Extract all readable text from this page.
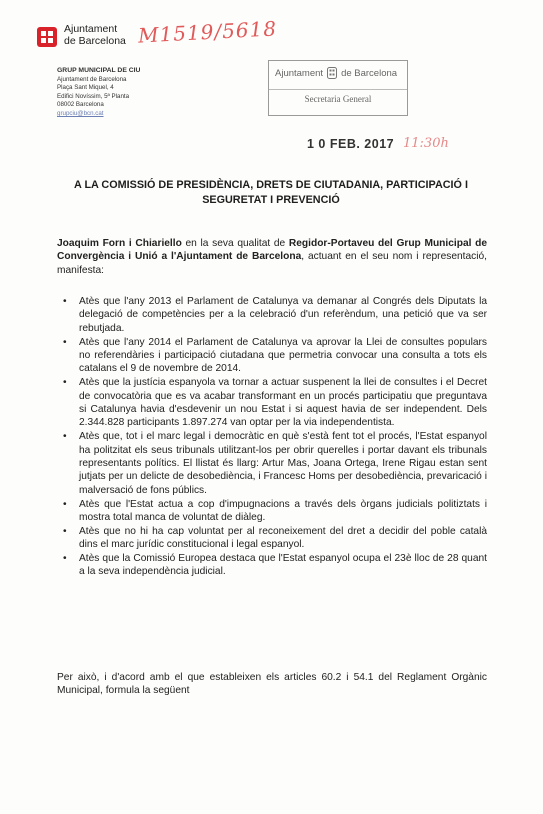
Ajuntament
de Barcelona M1519/5618
GRUP MUNICIPAL DE CIU
Ajuntament de Barcelona
Plaça Sant Miquel, 4
Edifici Novíssim, 5ª Planta
08002 Barcelona
grupciu@bcn.cat
Ajuntament de Barcelona
Secretaria General
1 0 FEB. 2017 11:30h
A LA COMISSIÓ DE PRESIDÈNCIA, DRETS DE CIUTADANIA, PARTICIPACIÓ I SEGURETAT I PREVENCIÓ
Joaquim Forn i Chiariello en la seva qualitat de Regidor-Portaveu del Grup Municipal de Convergència i Unió a l'Ajuntament de Barcelona, actuant en el seu nom i representació, manifesta:
• Atès que l'any 2013 el Parlament de Catalunya va demanar al Congrés dels Diputats la delegació de competències per a la celebració d'un referèndum, una petició que va ser rebutjada.
• Atès que l'any 2014 el Parlament de Catalunya va aprovar la Llei de consultes populars no referendàries i participació ciutadana que permetria convocar una consulta a tots els catalans el 9 de novembre de 2014.
• Atès que la justícia espanyola va tornar a actuar suspenent la llei de consultes i el Decret de convocatòria que es va acabar transformant en un procés participatiu que preguntava si Catalunya havia d'esdevenir un nou Estat i si aquest havia de ser independent. Dels 2.344.828 participants 1.897.274 van optar per la via independentista.
• Atès que, tot i el marc legal i democràtic en què s'està fent tot el procés, l'Estat espanyol ha politzitat els seus tribunals utilitzant-los per obrir querelles i portar davant els tribunals representants polítics. El llistat és llarg: Artur Mas, Joana Ortega, Irene Rigau estan sent jutjats per un delicte de desobediència, i Francesc Homs per desobediència, prevaricació i malversació de fons públics.
• Atès que l'Estat actua a cop d'impugnacions a través dels òrgans judicials politiztats i mostra total manca de voluntat de diàleg.
• Atès que no hi ha cap voluntat per al reconeixement del dret a decidir del poble català dins el marc jurídic constitucional i legal espanyol.
• Atès que la Comissió Europea destaca que l'Estat espanyol ocupa el 23è lloc de 28 quant a la seva independència judicial.
Per això, i d'acord amb el que estableixen els articles 60.2 i 54.1 del Reglament Orgànic Municipal, formula la següent
